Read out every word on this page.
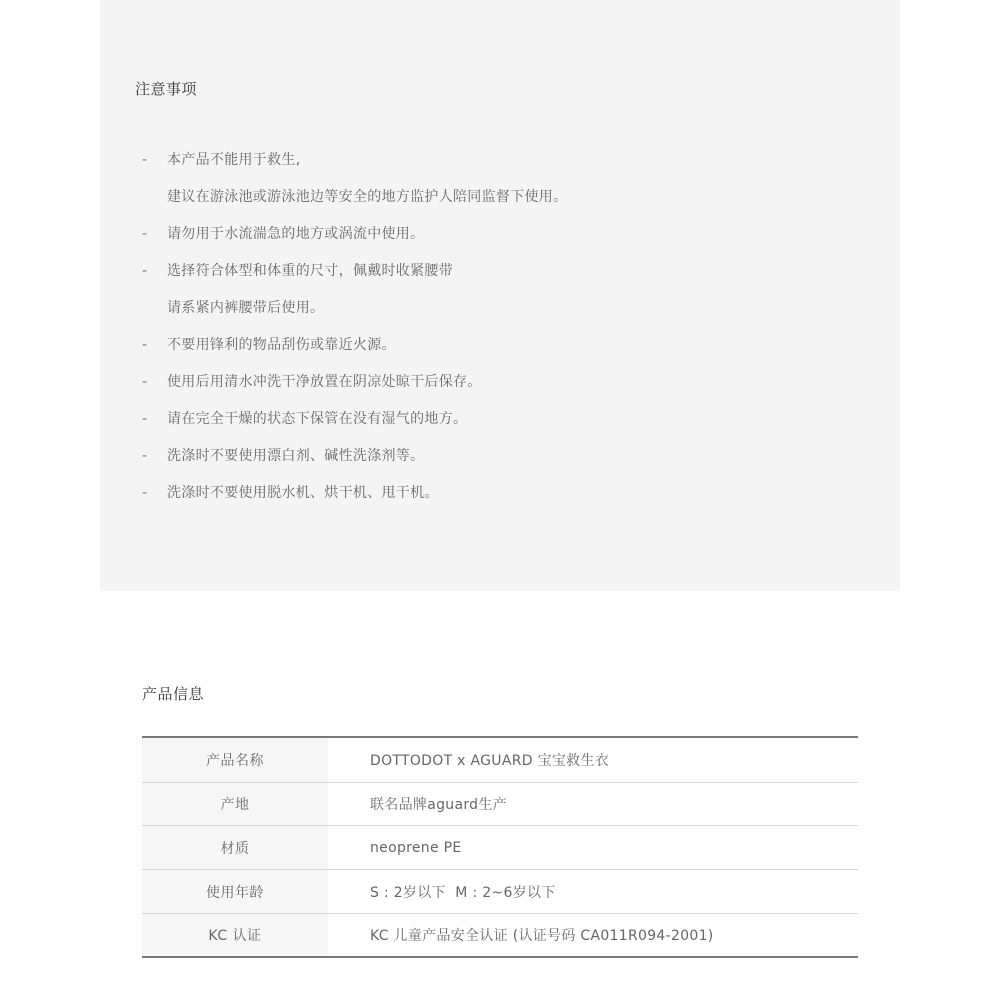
注意事项
- 本产品不能用于救生,
建议在游泳池或游泳池边等安全的地方监护人陪同监督下使用。
- 请勿用于水流湍急的地方或涡流中使用。
- 选择符合体型和体重的尺寸，佩戴时收紧腰带
请系紧内裤腰带后使用。
- 不要用锋利的物品刮伤或靠近火源。
- 使用后用清水冲洗干净放置在阴凉处晾干后保存。
- 请在完全干燥的状态下保管在没有湿气的地方。
- 洗涤时不要使用漂白剂、碱性洗涤剂等。
- 洗涤时不要使用脱水机、烘干机、甩干机。
产品信息
产品名称	DOTTODOT x AGUARD 宝宝救生衣
产地	联名品牌aguard生产
材质	neoprene PE
使用年龄	S : 2岁以下  M : 2~6岁以下
KC 认证	KC 儿童产品安全认证 (认证号码 CA011R094-2001)
